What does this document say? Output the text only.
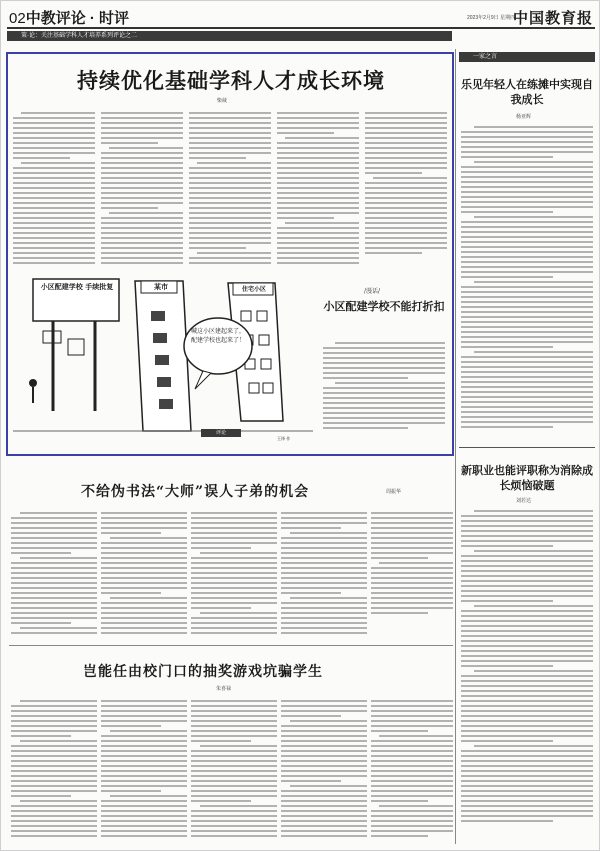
02中教评论 · 时评	2023年2月9日 星期四
中国教育报
策·论：关注基础学科人才培养系列评论之二
持续优化基础学科人才成长环境
柴葳
小区配建学校 手续批复	某市	住宅小区
喊这小区建起来了，配建学校也起来了！
王铎 作
/漫话/
小区配建学校不能打折扣
一家之言
乐见年轻人在练摊中实现自我成长
杨亚辉
新职业也能评职称为消除成长烦恼破题
刘若达
评论
不给伪书法“大师”误人子弟的机会	周振华
岂能任由校门口的抽奖游戏坑骗学生
朱喜禄
